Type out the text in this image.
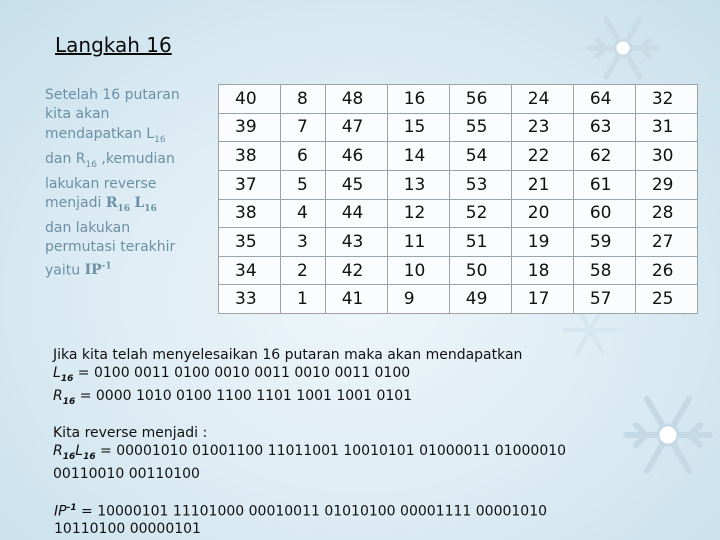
Langkah 16
Setelah 16 putaran
kita akan
mendapatkan $L_{16}$
dan $R_{16}$ ,kemudian
lakukan reverse
menjadi $R_{16}$ $L_{16}$
dan lakukan
permutasi terakhir
yaitu $IP^{-1}$
40	8	48	16	56	24	64	32
39	7	47	15	55	23	63	31
38	6	46	14	54	22	62	30
37	5	45	13	53	21	61	29
38	4	44	12	52	20	60	28
35	3	43	11	51	19	59	27
34	2	42	10	50	18	58	26
33	1	41	9	49	17	57	25
Jika kita telah menyelesaikan 16 putaran maka akan mendapatkan
$L_{16} = 0100$ 0011 0100 0010 0011 0010 0011 0100
$R_{16} = 0000$ 1010 0100 1100 1101 1001 1001 0101
Kita reverse menjadi :
$R_{16}L_{16} = 00001010$ 01001100 11011001 10010101 01000011 01000010
00110010 00110100
$IP^{-1} = 10000101$ 11101000 00010011 01010100 00001111 00001010
10110100 00000101
